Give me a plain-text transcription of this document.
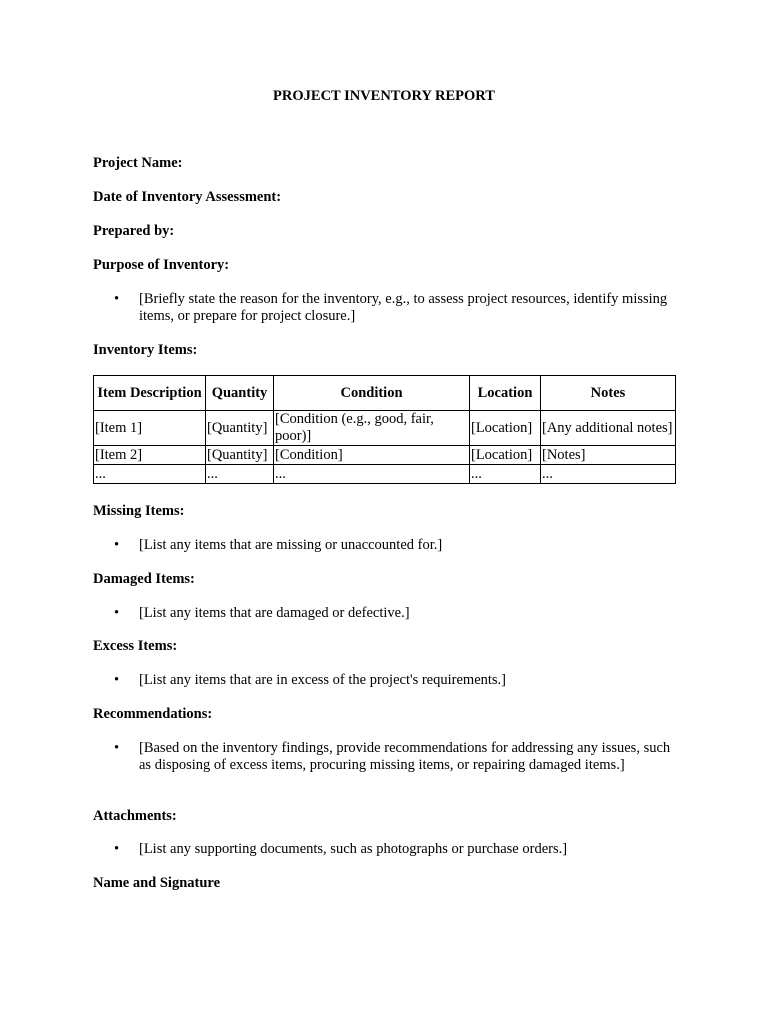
PROJECT INVENTORY REPORT
Project Name:
Date of Inventory Assessment:
Prepared by:
Purpose of Inventory:
• [Briefly state the reason for the inventory, e.g., to assess project resources, identify missing items, or prepare for project closure.]
Inventory Items:
Item Description	Quantity	Condition	Location	Notes
[Item 1]	[Quantity]	[Condition (e.g., good, fair, poor)]	[Location]	[Any additional notes]
[Item 2]	[Quantity]	[Condition]	[Location]	[Notes]
...	...	...	...	...
Missing Items:
• [List any items that are missing or unaccounted for.]
Damaged Items:
• [List any items that are damaged or defective.]
Excess Items:
• [List any items that are in excess of the project's requirements.]
Recommendations:
• [Based on the inventory findings, provide recommendations for addressing any issues, such as disposing of excess items, procuring missing items, or repairing damaged items.]
Attachments:
• [List any supporting documents, such as photographs or purchase orders.]
Name and Signature
